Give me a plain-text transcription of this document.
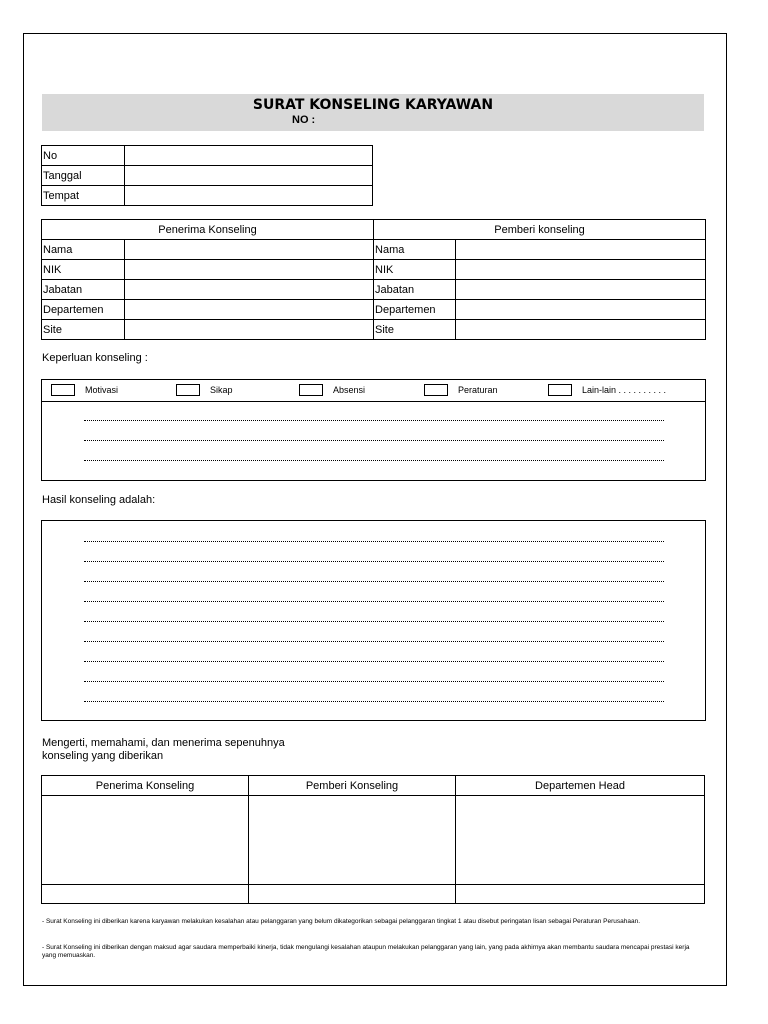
SURAT KONSELING KARYAWAN
NO :
No	
Tanggal	
Tempat	
Penerima Konseling		Pemberi konseling	
Nama		Nama	
NIK		NIK	
Jabatan		Jabatan	
Departemen		Departemen	
Site		Site	
Keperluan konseling :
Motivasi	Sikap	Absensi	Peraturan	Lain-lain . . . . . . . . . .
Hasil konseling adalah:
Mengerti, memahami, dan menerima sepenuhnya
konseling yang diberikan
Penerima Konseling	Pemberi Konseling	Departemen Head

- Surat Konseling ini diberikan karena karyawan melakukan kesalahan atau pelanggaran yang belum dikategorikan sebagai pelanggaran tingkat 1 atau disebut peringatan lisan sebagai Peraturan Perusahaan.
- Surat Konseling ini diberikan dengan maksud agar saudara memperbaiki kinerja, tidak mengulangi kesalahan ataupun melakukan pelanggaran yang lain, yang pada akhirnya akan membantu saudara mencapai prestasi kerja yang memuaskan.
